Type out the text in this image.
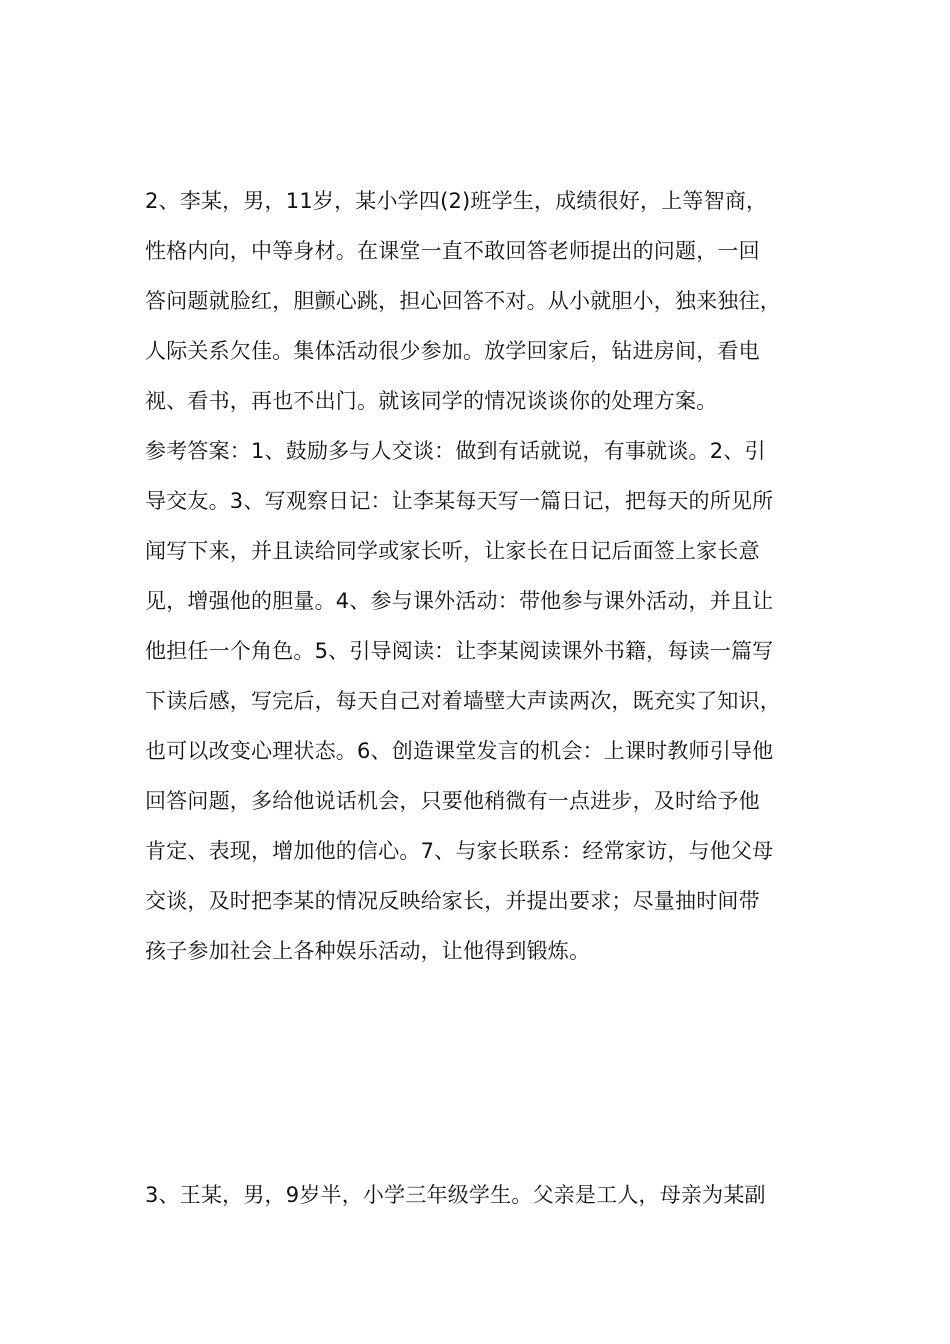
2、李某，男，11岁，某小学四(2)班学生，成绩很好，上等智商，
性格内向，中等身材。在课堂一直不敢回答老师提出的问题，一回
答问题就脸红，胆颤心跳，担心回答不对。从小就胆小，独来独往，
人际关系欠佳。集体活动很少参加。放学回家后，钻进房间，看电
视、看书，再也不出门。就该同学的情况谈谈你的处理方案。
参考答案：1、鼓励多与人交谈：做到有话就说，有事就谈。2、引
导交友。3、写观察日记：让李某每天写一篇日记，把每天的所见所
闻写下来，并且读给同学或家长听，让家长在日记后面签上家长意
见，增强他的胆量。4、参与课外活动：带他参与课外活动，并且让
他担任一个角色。5、引导阅读：让李某阅读课外书籍，每读一篇写
下读后感，写完后，每天自己对着墙壁大声读两次，既充实了知识，
也可以改变心理状态。6、创造课堂发言的机会：上课时教师引导他
回答问题，多给他说话机会，只要他稍微有一点进步，及时给予他
肯定、表现，增加他的信心。7、与家长联系：经常家访，与他父母
交谈，及时把李某的情况反映给家长，并提出要求；尽量抽时间带
孩子参加社会上各种娱乐活动，让他得到锻炼。
3、王某，男，9岁半，小学三年级学生。父亲是工人，母亲为某副
